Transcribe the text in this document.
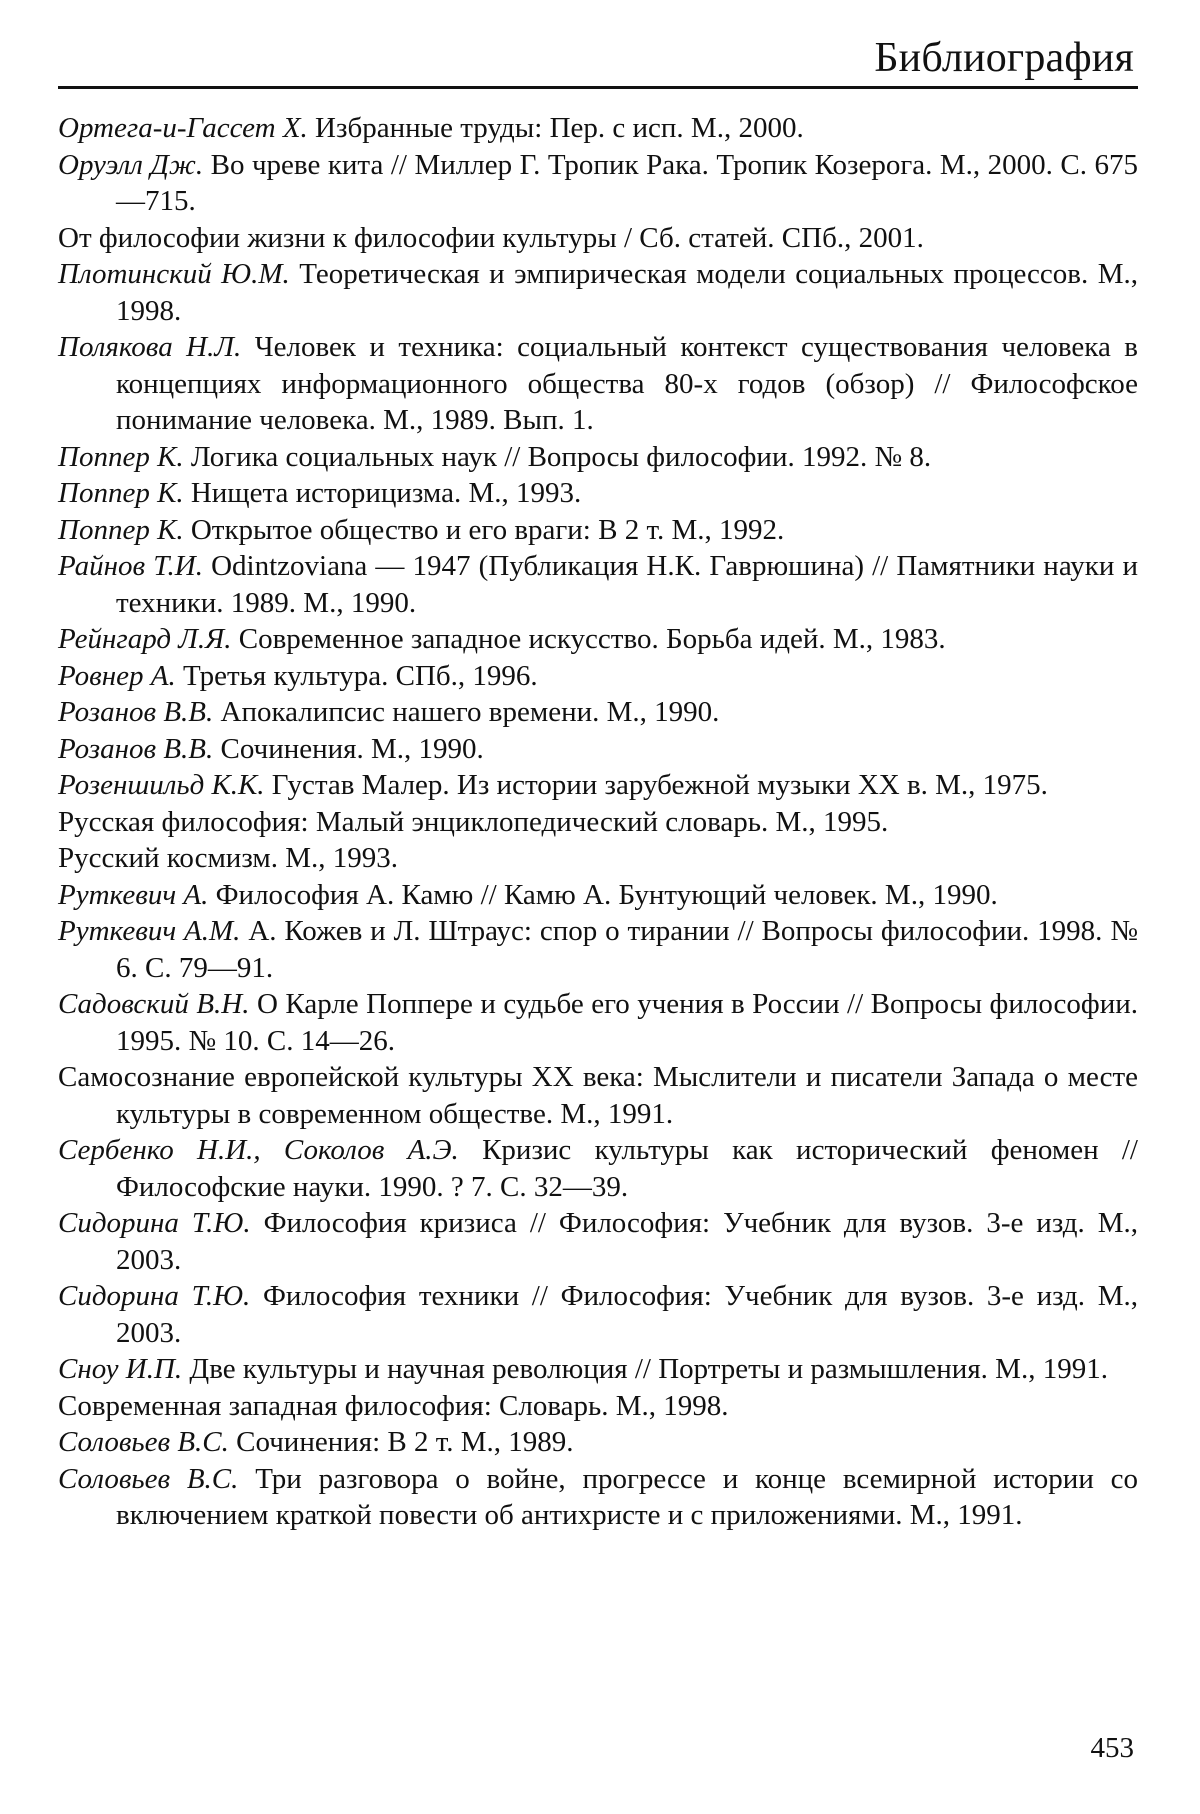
Библиография
Ортега-и-Гассет X. Избранные труды: Пер. с исп. М., 2000.
Оруэлл Дж. Во чреве кита // Миллер Г. Тропик Рака. Тропик Козерога. М., 2000. С. 675—715.
От философии жизни к философии культуры / Сб. статей. СПб., 2001.
Плотинский Ю.М. Теоретическая и эмпирическая модели социальных процессов. М., 1998.
Полякова Н.Л. Человек и техника: социальный контекст существования человека в концепциях информационного общества 80-х годов (обзор) // Философское понимание человека. М., 1989. Вып. 1.
Поппер К. Логика социальных наук // Вопросы философии. 1992. № 8.
Поппер К. Нищета историцизма. М., 1993.
Поппер К. Открытое общество и его враги: В 2 т. М., 1992.
Райнов Т.И. Odintzoviana — 1947 (Публикация Н.К. Гаврюшина) // Памятники науки и техники. 1989. М., 1990.
Рейнгард Л.Я. Современное западное искусство. Борьба идей. М., 1983.
Ровнер А. Третья культура. СПб., 1996.
Розанов В.В. Апокалипсис нашего времени. М., 1990.
Розанов В.В. Сочинения. М., 1990.
Розеншильд К.К. Густав Малер. Из истории зарубежной музыки XX в. М., 1975.
Русская философия: Малый энциклопедический словарь. М., 1995.
Русский космизм. М., 1993.
Руткевич А. Философия А. Камю // Камю А. Бунтующий человек. М., 1990.
Руткевич А.М. А. Кожев и Л. Штраус: спор о тирании // Вопросы философии. 1998. № 6. С. 79—91.
Садовский В.Н. О Карле Поппере и судьбе его учения в России // Вопросы философии. 1995. № 10. С. 14—26.
Самосознание европейской культуры XX века: Мыслители и писатели Запада о месте культуры в современном обществе. М., 1991.
Сербенко Н.И., Соколов А.Э. Кризис культуры как исторический феномен // Философские науки. 1990. ? 7. С. 32—39.
Сидорина Т.Ю. Философия кризиса // Философия: Учебник для вузов. 3-е изд. М., 2003.
Сидорина Т.Ю. Философия техники // Философия: Учебник для вузов. 3-е изд. М., 2003.
Сноу И.П. Две культуры и научная революция // Портреты и размышления. М., 1991.
Современная западная философия: Словарь. М., 1998.
Соловьев В.С. Сочинения: В 2 т. М., 1989.
Соловьев В.С. Три разговора о войне, прогрессе и конце всемирной истории со включением краткой повести об антихристе и с приложениями. М., 1991.
453
